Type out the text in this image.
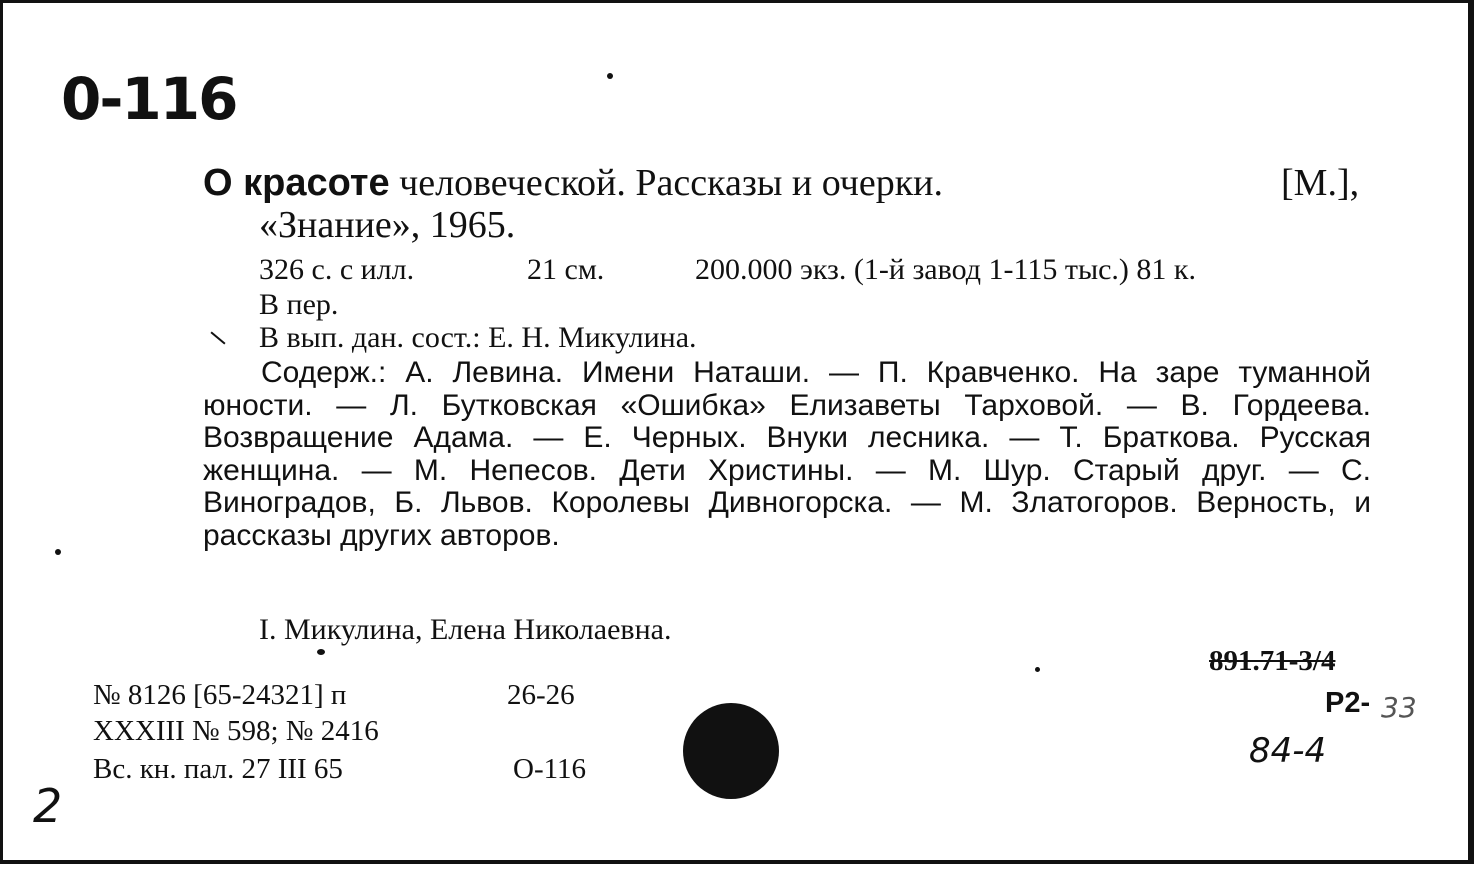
0-116
О красоте человеческой. Рассказы и очерки.	[М.],
«Знание», 1965.
326 с. с илл.	21 см.	200.000 экз. (1-й завод 1-115 тыс.) 81 к.
В пер.
В вып. дан. сост.: Е. Н. Микулина.
Содерж.: А. Левина. Имени Наташи. — П. Кравченко. На заре туманной юности. — Л. Бутковская «Ошибка» Елизаветы Тарховой. — В. Гордеева. Возвращение Адама. — Е. Черных. Внуки лесника. — Т. Браткова. Русская женщина. — М. Непесов. Дети Христины. — М. Шур. Старый друг. — С. Виноградов, Б. Львов. Королевы Дивногорска. — М. Златогоров. Верность, и рассказы других авторов.
I. Микулина, Елена Николаевна.
№ 8126 [65-24321] п	26-26
XXXIII № 598; № 2416
Вс. кн. пал. 27 III 65	О-116
891.71-3/4
Р2- 33
84-4
2
